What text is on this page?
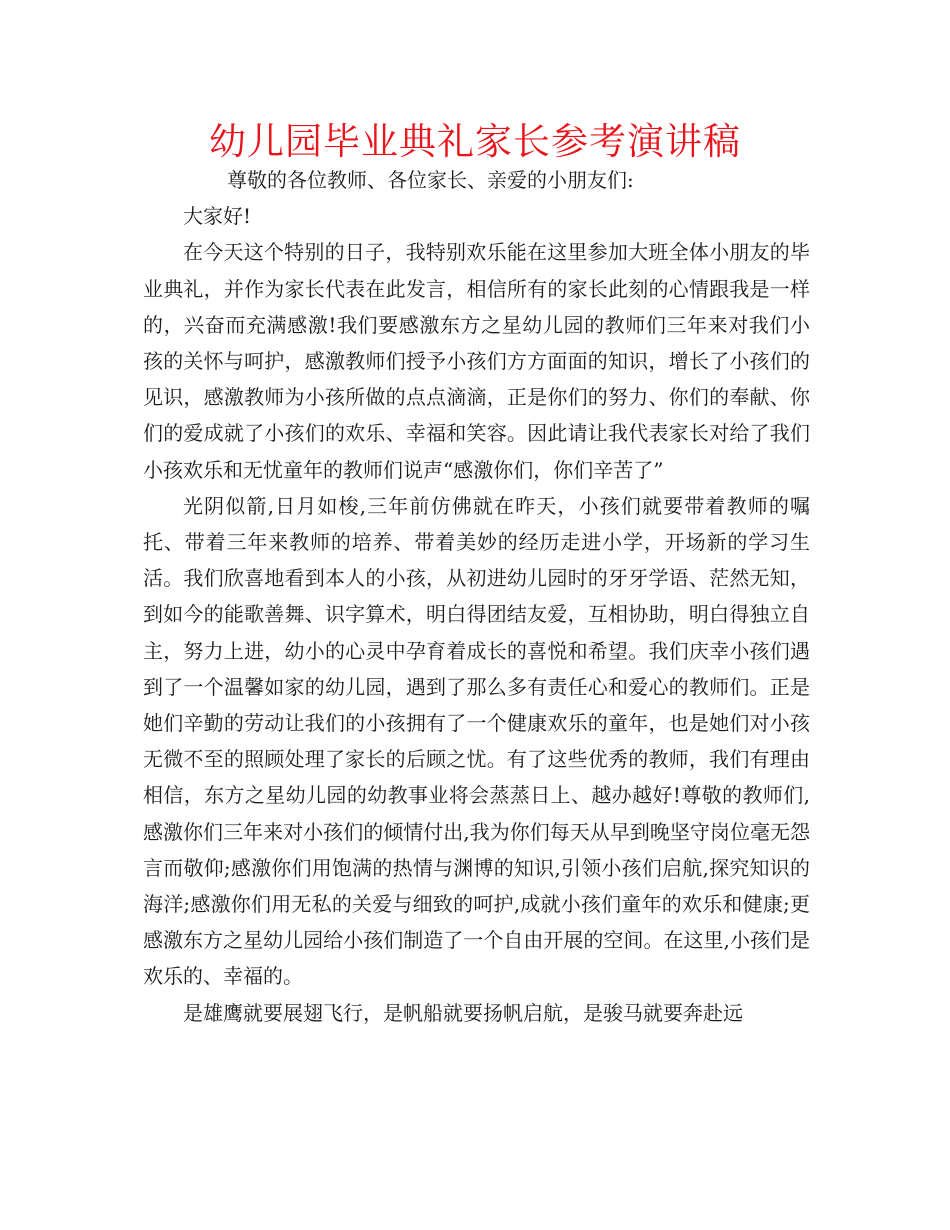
幼儿园毕业典礼家长参考演讲稿

尊敬的各位教师、各位家长、亲爱的小朋友们:

大家好!

在今天这个特别的日子，我特别欢乐能在这里参加大班全体小朋友的毕业典礼，并作为家长代表在此发言，相信所有的家长此刻的心情跟我是一样的，兴奋而充满感激!我们要感激东方之星幼儿园的教师们三年来对我们小孩的关怀与呵护，感激教师们授予小孩们方方面面的知识，增长了小孩们的见识，感激教师为小孩所做的点点滴滴，正是你们的努力、你们的奉献、你们的爱成就了小孩们的欢乐、幸福和笑容。因此请让我代表家长对给了我们小孩欢乐和无忧童年的教师们说声“感激你们，你们辛苦了”

光阴似箭,日月如梭,三年前仿佛就在昨天，小孩们就要带着教师的嘱托、带着三年来教师的培养、带着美妙的经历走进小学，开场新的学习生活。我们欣喜地看到本人的小孩，从初进幼儿园时的牙牙学语、茫然无知，到如今的能歌善舞、识字算术，明白得团结友爱，互相协助，明白得独立自主，努力上进，幼小的心灵中孕育着成长的喜悦和希望。我们庆幸小孩们遇到了一个温馨如家的幼儿园，遇到了那么多有责任心和爱心的教师们。正是她们辛勤的劳动让我们的小孩拥有了一个健康欢乐的童年，也是她们对小孩无微不至的照顾处理了家长的后顾之忧。有了这些优秀的教师，我们有理由相信，东方之星幼儿园的幼教事业将会蒸蒸日上、越办越好!尊敬的教师们,感激你们三年来对小孩们的倾情付出,我为你们每天从早到晚坚守岗位毫无怨言而敬仰;感激你们用饱满的热情与渊博的知识,引领小孩们启航,探究知识的海洋;感激你们用无私的关爱与细致的呵护,成就小孩们童年的欢乐和健康;更感激东方之星幼儿园给小孩们制造了一个自由开展的空间。在这里,小孩们是欢乐的、幸福的。

是雄鹰就要展翅飞行，是帆船就要扬帆启航，是骏马就要奔赴远
